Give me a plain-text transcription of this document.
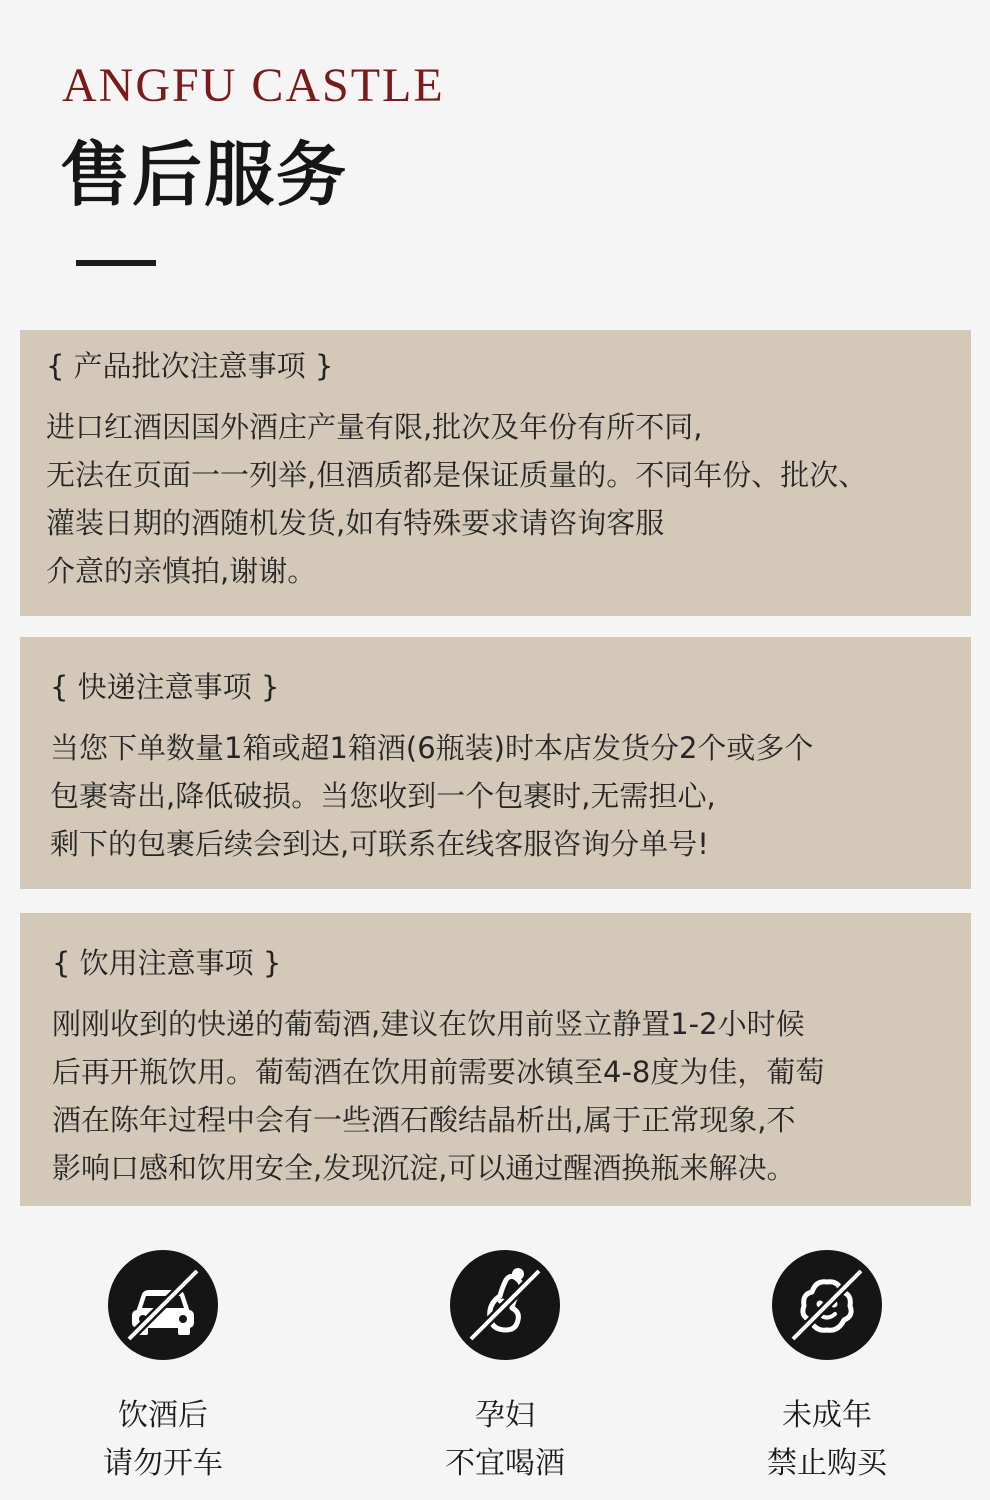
ANGFU CASTLE
售后服务
{ 产品批次注意事项 }
进口红酒因国外酒庄产量有限,批次及年份有所不同,
无法在页面一一列举,但酒质都是保证质量的。不同年份、批次、
灌装日期的酒随机发货,如有特殊要求请咨询客服
介意的亲慎拍,谢谢。
{ 快递注意事项 }
当您下单数量1箱或超1箱酒(6瓶装)时本店发货分2个或多个
包裹寄出,降低破损。当您收到一个包裹时,无需担心,
剩下的包裹后续会到达,可联系在线客服咨询分单号!
{ 饮用注意事项 }
刚刚收到的快递的葡萄酒,建议在饮用前竖立静置1-2小时候
后再开瓶饮用。葡萄酒在饮用前需要冰镇至4-8度为佳，葡萄
酒在陈年过程中会有一些酒石酸结晶析出,属于正常现象,不
影响口感和饮用安全,发现沉淀,可以通过醒酒换瓶来解决。
饮酒后
请勿开车
孕妇
不宜喝酒
未成年
禁止购买
